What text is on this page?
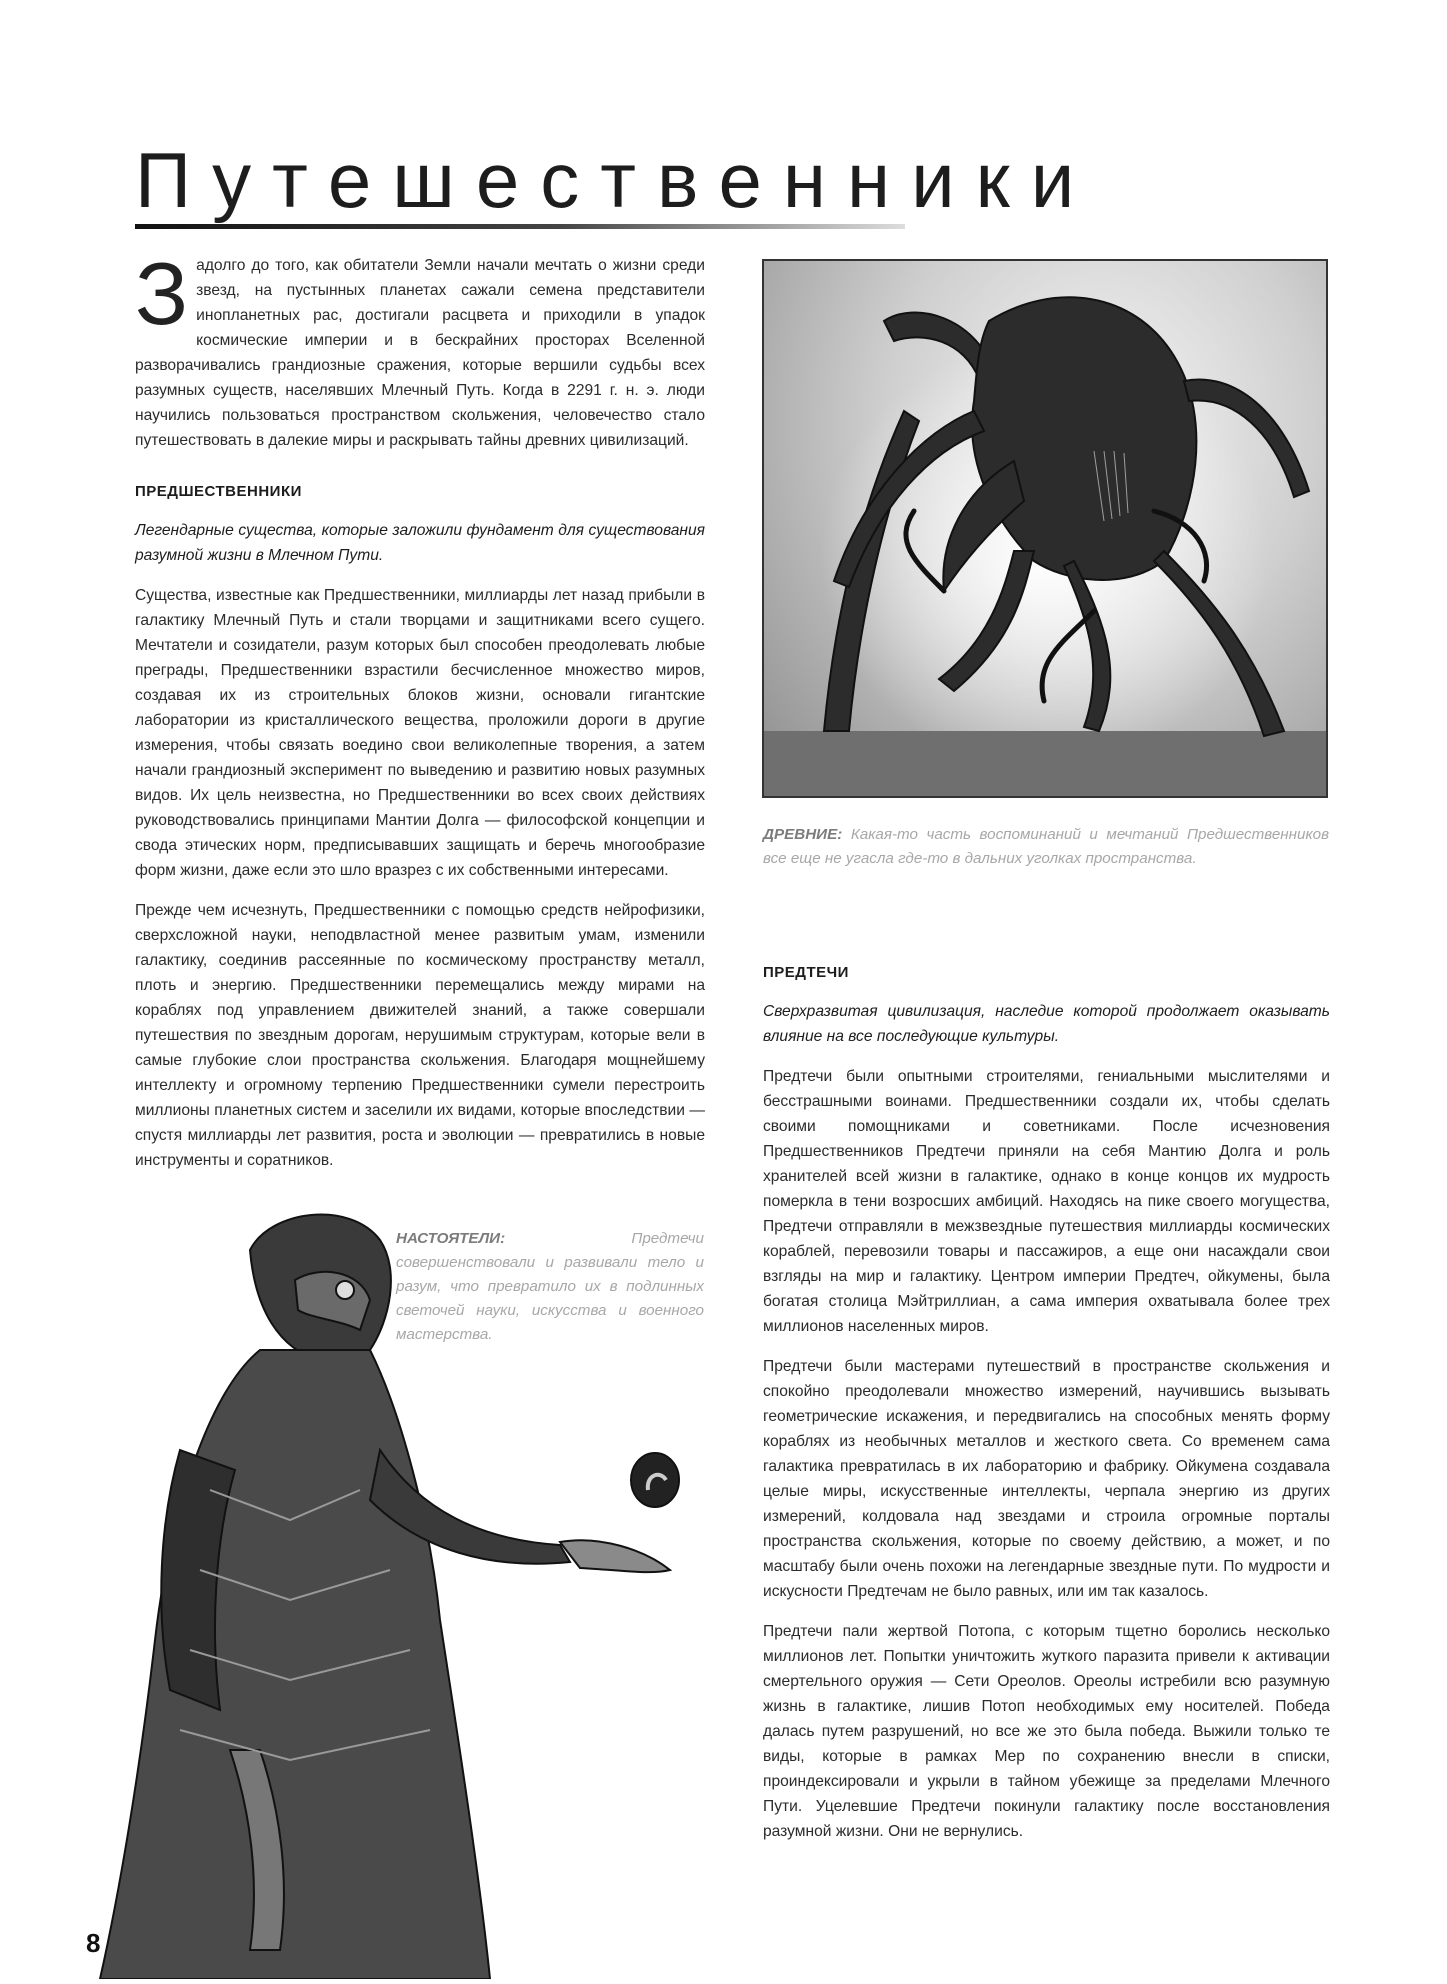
Путешественники

Задолго до того, как обитатели Земли начали мечтать о жизни среди звезд, на пустынных планетах сажали семена представители инопланетных рас, достигали расцвета и приходили в упадок космические империи и в бескрайних просторах Вселенной разворачивались грандиозные сражения, которые вершили судьбы всех разумных существ, населявших Млечный Путь. Когда в 2291 г. н. э. люди научились пользоваться пространством скольжения, человечество стало путешествовать в далекие миры и раскрывать тайны древних цивилизаций.

ПРЕДШЕСТВЕННИКИ

Легендарные существа, которые заложили фундамент для существования разумной жизни в Млечном Пути.

Существа, известные как Предшественники, миллиарды лет назад прибыли в галактику Млечный Путь и стали творцами и защитниками всего сущего. Мечтатели и созидатели, разум которых был способен преодолевать любые преграды, Предшественники взрастили бесчисленное множество миров, создавая их из строительных блоков жизни, основали гигантские лаборатории из кристаллического вещества, проложили дороги в другие измерения, чтобы связать воедино свои великолепные творения, а затем начали грандиозный эксперимент по выведению и развитию новых разумных видов. Их цель неизвестна, но Предшественники во всех своих действиях руководствовались принципами Мантии Долга — философской концепции и свода этических норм, предписывавших защищать и беречь многообразие форм жизни, даже если это шло вразрез с их собственными интересами.

Прежде чем исчезнуть, Предшественники с помощью средств нейрофизики, сверхсложной науки, неподвластной менее развитым умам, изменили галактику, соединив рассеянные по космическому пространству металл, плоть и энергию. Предшественники перемещались между мирами на кораблях под управлением движителей знаний, а также совершали путешествия по звездным дорогам, нерушимым структурам, которые вели в самые глубокие слои пространства скольжения. Благодаря мощнейшему интеллекту и огромному терпению Предшественники сумели перестроить миллионы планетных систем и заселили их видами, которые впоследствии — спустя миллиарды лет развития, роста и эволюции — превратились в новые инструменты и соратников.

ДРЕВНИЕ: Какая-то часть воспоминаний и мечтаний Предшественников все еще не угасла где-то в дальних уголках пространства.
ПРЕДТЕЧИ

Сверхразвитая цивилизация, наследие которой продолжает оказывать влияние на все последующие культуры.

Предтечи были опытными строителями, гениальными мыслителями и бесстрашными воинами. Предшественники создали их, чтобы сделать своими помощниками и советниками. После исчезновения Предшественников Предтечи приняли на себя Мантию Долга и роль хранителей всей жизни в галактике, однако в конце концов их мудрость померкла в тени возросших амбиций. Находясь на пике своего могущества, Предтечи отправляли в межзвездные путешествия миллиарды космических кораблей, перевозили товары и пассажиров, а еще они насаждали свои взгляды на мир и галактику. Центром империи Предтеч, ойкумены, была богатая столица Мэйтриллиан, а сама империя охватывала более трех миллионов населенных миров.

Предтечи были мастерами путешествий в пространстве скольжения и спокойно преодолевали множество измерений, научившись вызывать геометрические искажения, и передвигались на способных менять форму кораблях из необычных металлов и жесткого света. Со временем сама галактика превратилась в их лабораторию и фабрику. Ойкумена создавала целые миры, искусственные интеллекты, черпала энергию из других измерений, колдовала над звездами и строила огромные порталы пространства скольжения, которые по своему действию, а может, и по масштабу были очень похожи на легендарные звездные пути. По мудрости и искусности Предтечам не было равных, или им так казалось.

Предтечи пали жертвой Потопа, с которым тщетно боролись несколько миллионов лет. Попытки уничтожить жуткого паразита привели к активации смертельного оружия — Сети Ореолов. Ореолы истребили всю разумную жизнь в галактике, лишив Потоп необходимых ему носителей. Победа далась путем разрушений, но все же это была победа. Выжили только те виды, которые в рамках Мер по сохранению внесли в списки, проиндексировали и укрыли в тайном убежище за пределами Млечного Пути. Уцелевшие Предтечи покинули галактику после восстановления разумной жизни. Они не вернулись.

НАСТОЯТЕЛИ:	Предтечи совершенствовали и развивали тело и разум, что превратило их в подлинных светочей науки, искусства и военного мастерства.
8
